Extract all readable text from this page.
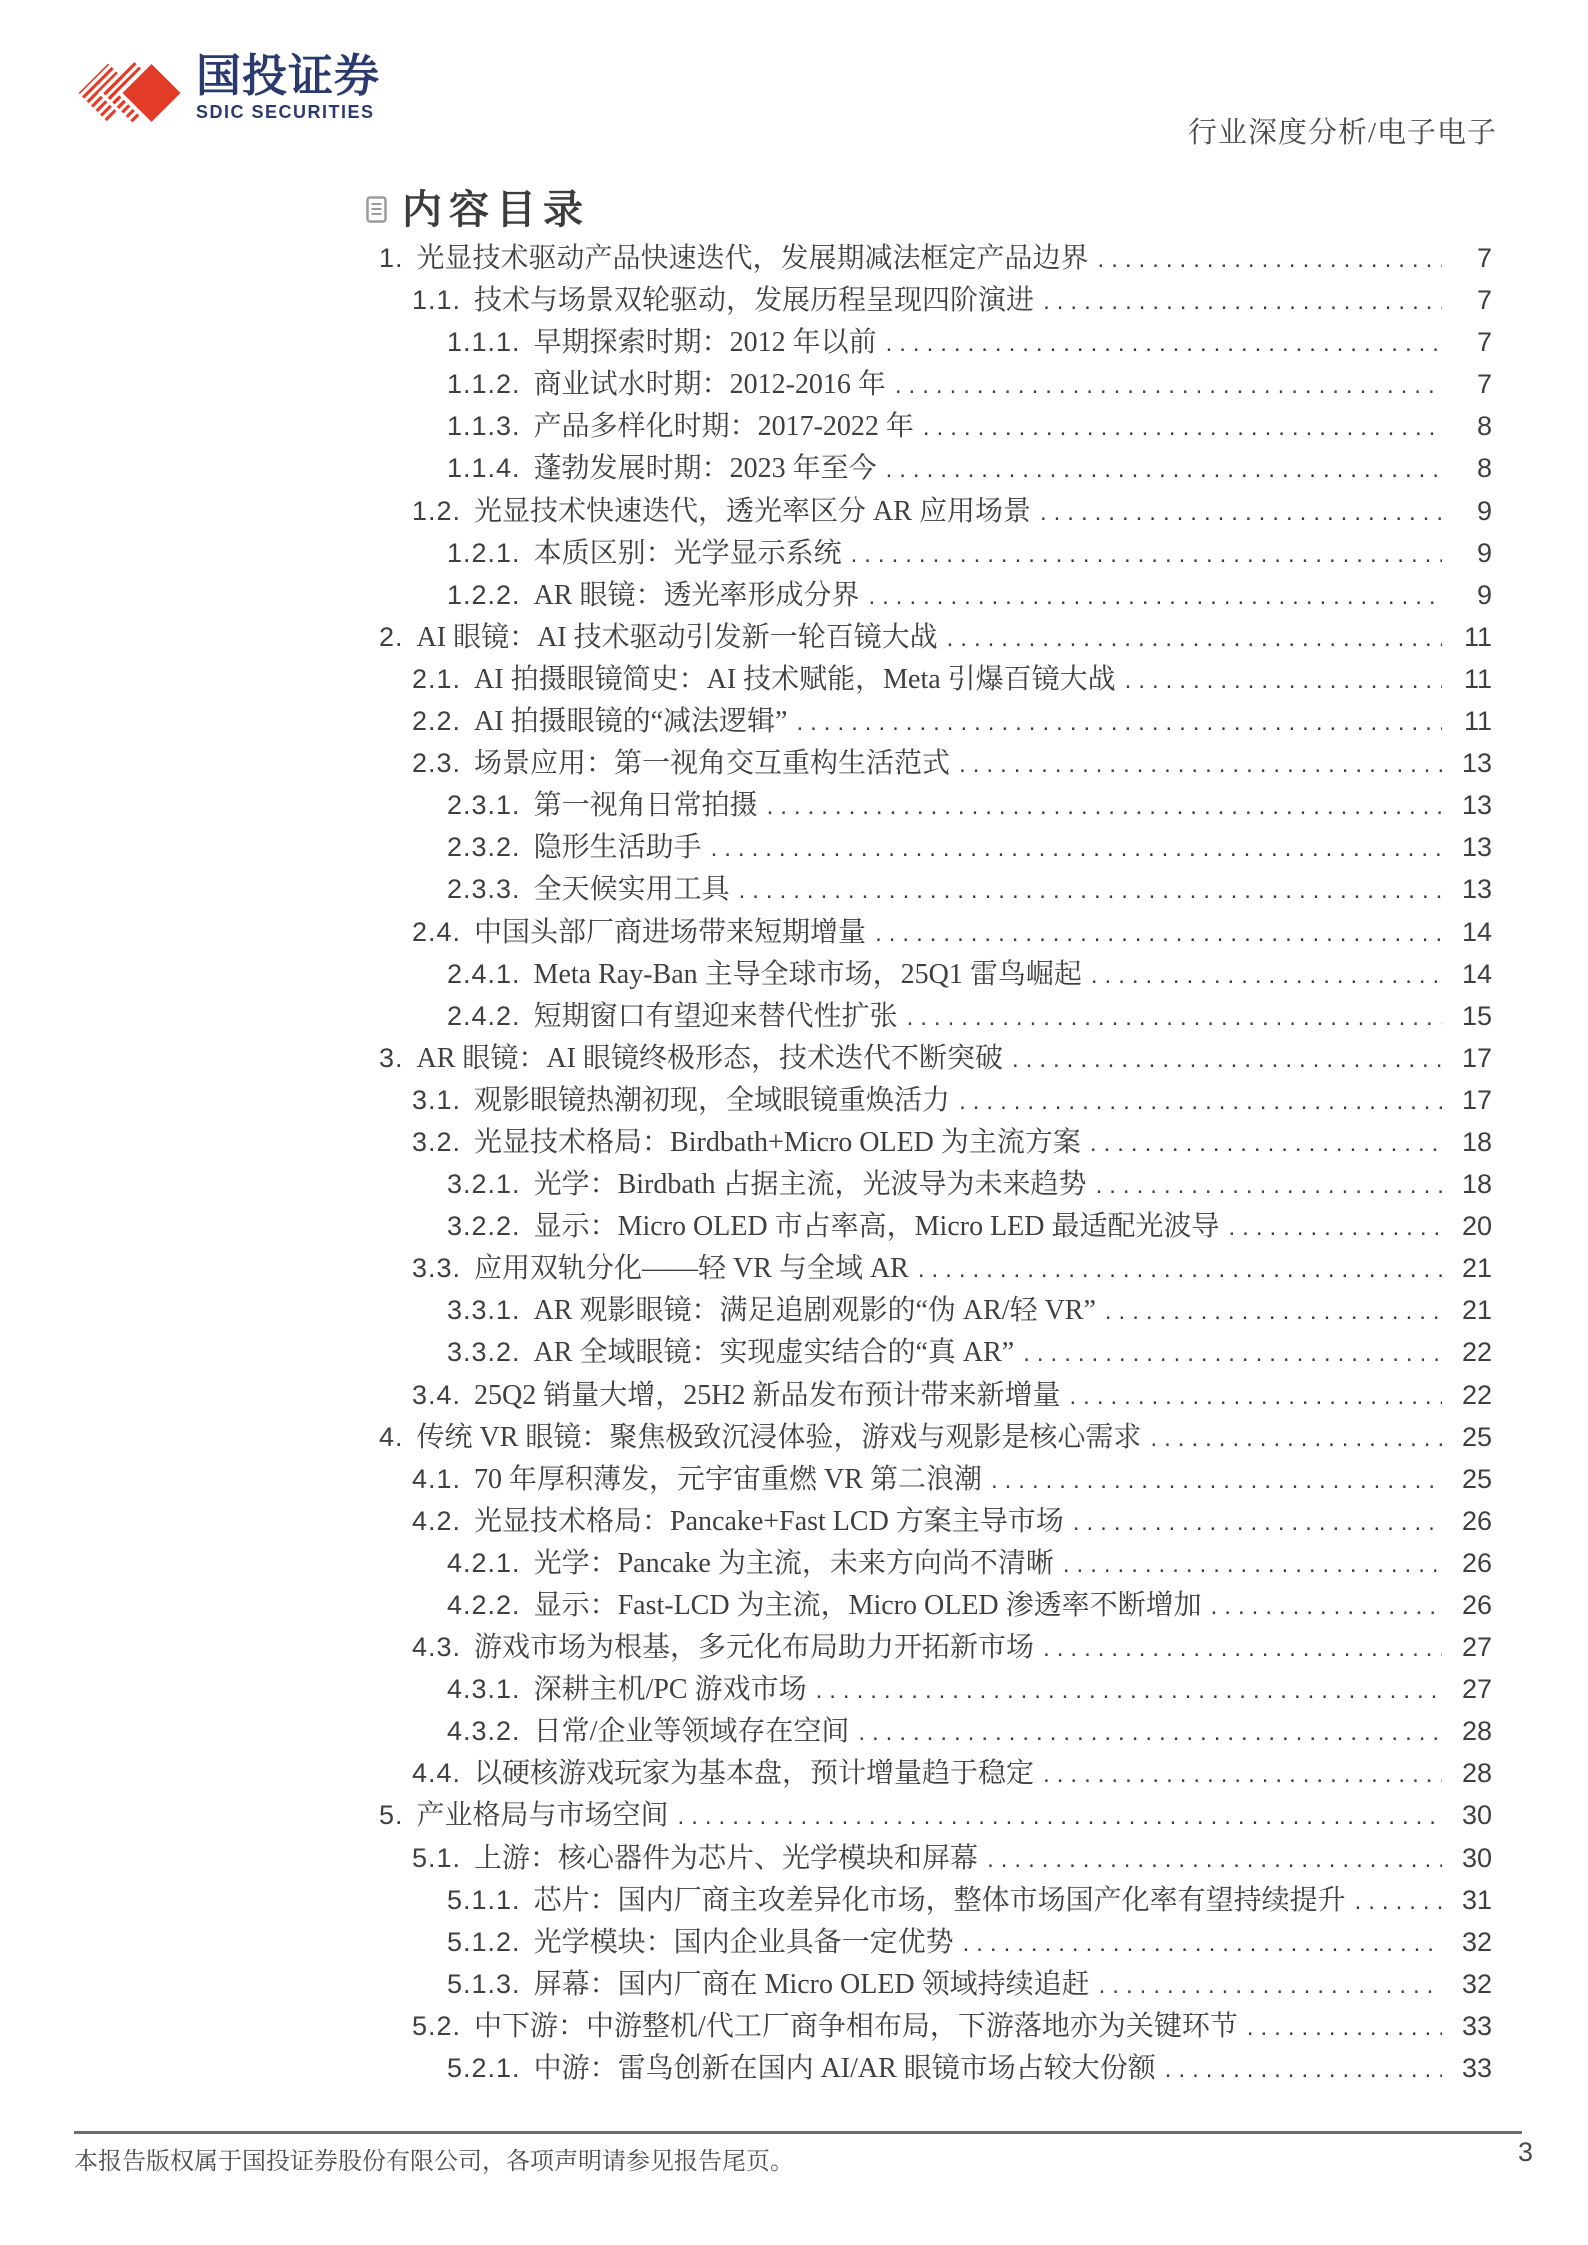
国投证券
SDIC SECURITIES
行业深度分析/电子电子
内容目录
1. 光显技术驱动产品快速迭代，发展期减法框定产品边界 .....	7
1.1. 技术与场景双轮驱动，发展历程呈现四阶演进 .....	7
1.1.1. 早期探索时期：2012 年以前 .....	7
1.1.2. 商业试水时期：2012-2016 年 .....	7
1.1.3. 产品多样化时期：2017-2022 年 .....	8
1.1.4. 蓬勃发展时期：2023 年至今 .....	8
1.2. 光显技术快速迭代，透光率区分 AR 应用场景 .....	9
1.2.1. 本质区别：光学显示系统 .....	9
1.2.2. AR 眼镜：透光率形成分界 .....	9
2. AI 眼镜：AI 技术驱动引发新一轮百镜大战 .....	11
2.1. AI 拍摄眼镜简史：AI 技术赋能，Meta 引爆百镜大战 .....	11
2.2. AI 拍摄眼镜的“减法逻辑” .....	11
2.3. 场景应用：第一视角交互重构生活范式 .....	13
2.3.1. 第一视角日常拍摄 .....	13
2.3.2. 隐形生活助手 .....	13
2.3.3. 全天候实用工具 .....	13
2.4. 中国头部厂商进场带来短期增量 .....	14
2.4.1. Meta Ray-Ban 主导全球市场，25Q1 雷鸟崛起 .....	14
2.4.2. 短期窗口有望迎来替代性扩张 .....	15
3. AR 眼镜：AI 眼镜终极形态，技术迭代不断突破 .....	17
3.1. 观影眼镜热潮初现，全域眼镜重焕活力 .....	17
3.2. 光显技术格局：Birdbath+Micro OLED 为主流方案 .....	18
3.2.1. 光学：Birdbath 占据主流，光波导为未来趋势 .....	18
3.2.2. 显示：Micro OLED 市占率高，Micro LED 最适配光波导 .....	20
3.3. 应用双轨分化——轻 VR 与全域 AR .....	21
3.3.1. AR 观影眼镜：满足追剧观影的“伪 AR/轻 VR” .....	21
3.3.2. AR 全域眼镜：实现虚实结合的“真 AR” .....	22
3.4. 25Q2 销量大增，25H2 新品发布预计带来新增量 .....	22
4. 传统 VR 眼镜：聚焦极致沉浸体验，游戏与观影是核心需求 .....	25
4.1. 70 年厚积薄发，元宇宙重燃 VR 第二浪潮 .....	25
4.2. 光显技术格局：Pancake+Fast LCD 方案主导市场 .....	26
4.2.1. 光学：Pancake 为主流，未来方向尚不清晰 .....	26
4.2.2. 显示：Fast-LCD 为主流，Micro OLED 渗透率不断增加 .....	26
4.3. 游戏市场为根基，多元化布局助力开拓新市场 .....	27
4.3.1. 深耕主机/PC 游戏市场 .....	27
4.3.2. 日常/企业等领域存在空间 .....	28
4.4. 以硬核游戏玩家为基本盘，预计增量趋于稳定 .....	28
5. 产业格局与市场空间 .....	30
5.1. 上游：核心器件为芯片、光学模块和屏幕 .....	30
5.1.1. 芯片：国内厂商主攻差异化市场，整体市场国产化率有望持续提升 .....	31
5.1.2. 光学模块：国内企业具备一定优势 .....	32
5.1.3. 屏幕：国内厂商在 Micro OLED 领域持续追赶 .....	32
5.2. 中下游：中游整机/代工厂商争相布局，下游落地亦为关键环节 .....	33
5.2.1. 中游：雷鸟创新在国内 AI/AR 眼镜市场占较大份额 .....	33
本报告版权属于国投证券股份有限公司，各项声明请参见报告尾页。	3
